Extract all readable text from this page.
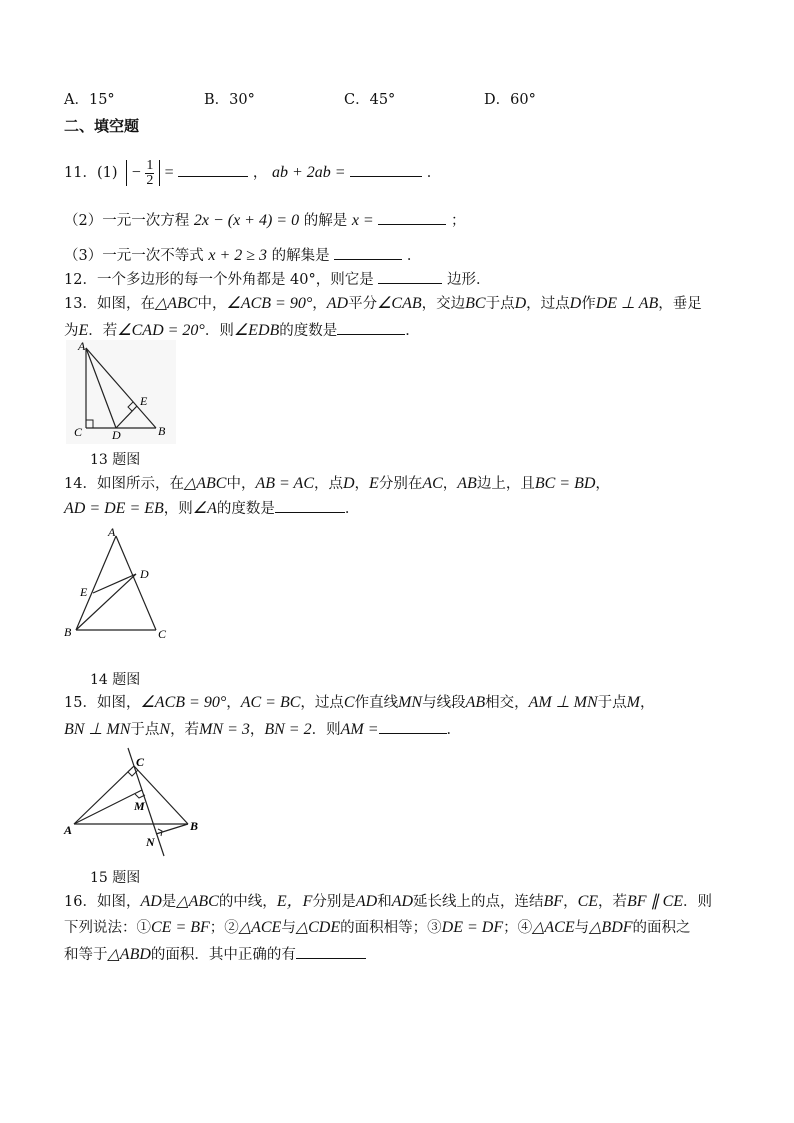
A．15°	B．30°	C．45°	D．60°
二、填空题
11．$(1) - \frac{1}{2}$ =	， ab + 2ab =	．
（2）一元一次方程 2x − (x + 4) = 0 的解是 x =	；
（3）一元一次不等式 x + 2 ≥ 3 的解集是	．
12．一个多边形的每一个外角都是 40°，则它是	边形．
13．如图，在△ABC中，∠ACB = 90°，AD平分∠CAB，交边BC于点D，过点D作DE ⊥ AB，垂足
为E．若∠CAD = 20°．则∠EDB的度数是	．
A
C D	B
E
13 题图
14．如图所示，在△ABC中，AB = AC，点D，E分别在AC，AB边上，且BC = BD，
AD = DE = EB，则∠A的度数是	．
A
D
E
B	C
14 题图
15．如图，∠ACB = 90°，AC = BC，过点C作直线MN与线段AB相交，AM ⊥ MN于点M，
BN ⊥ MN于点N，若MN = 3，BN = 2．则AM =	．
C
M
A
N
B
15 题图
16．如图，AD是△ABC的中线，E，F分别是AD和AD延长线上的点，连结BF，CE，若BF ∥ CE．则
下列说法：①CE = BF；②△ACE与△CDE的面积相等；③DE = DF；④△ACE与△BDF的面积之
和等于△ABD的面积．其中正确的有
